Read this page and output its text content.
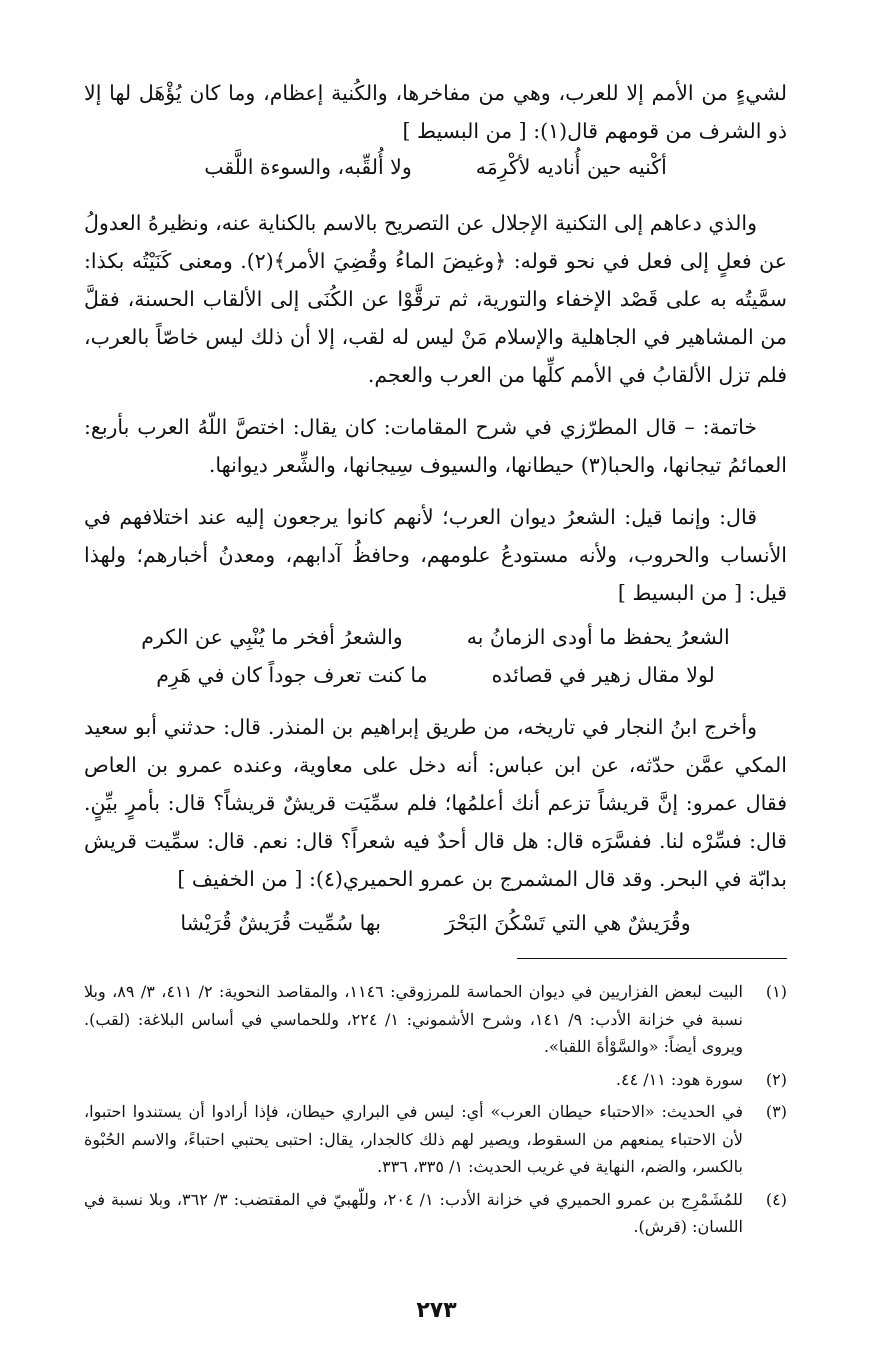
لشيءٍ من الأمم إلا للعرب، وهي من مفاخرها، والكُنية إعظام، وما كان يُؤْهَل لها إلا ذو الشرف من قومهم قال(١): [ من البسيط ]

أكْنيه حين أُناديه لأكْرِمَه
ولا أُلقِّبه، والسوءة اللَّقب

والذي دعاهم إلى التكنية الإجلال عن التصريح بالاسم بالكناية عنه، ونظيرهُ العدولُ عن فعلٍ إلى فعل في نحو قوله: ﴿وغيضَ الماءُ وقُضِيَ الأمر﴾(٢). ومعنى كَنَيْتُه بكذا: سمَّيتُه به على قَصْد الإخفاء والتورية، ثم ترقَّوْا عن الكُنَى إلى الألقاب الحسنة، فقلَّ من المشاهير في الجاهلية والإسلام مَنْ ليس له لقب، إلا أن ذلك ليس خاصّاً بالعرب، فلم تزل الألقابُ في الأمم كلِّها من العرب والعجم.

خاتمة: – قال المطرّزي في شرح المقامات: كان يقال: اختصَّ اللّهُ العرب بأربع: العمائمُ تيجانها، والحبا(٣) حيطانها، والسيوف سِيجانها، والشِّعر ديوانها.

قال: وإنما قيل: الشعرُ ديوان العرب؛ لأنهم كانوا يرجعون إليه عند اختلافهم في الأنساب والحروب، ولأنه مستودعُ علومهم، وحافظُ آدابهم، ومعدنُ أخبارهم؛ ولهذا قيل: [ من البسيط ]

الشعرُ يحفظ ما أودى الزمانُ به
والشعرُ أفخر ما يُنْبِي عن الكرم
لولا مقال زهير في قصائده
ما كنت تعرف جوداً كان في هَرِم

وأخرج ابنُ النجار في تاريخه، من طريق إبراهيم بن المنذر. قال: حدثني أبو سعيد المكي عمَّن حدّثه، عن ابن عباس: أنه دخل على معاوية، وعنده عمرو بن العاص فقال عمرو: إنَّ قريشاً تزعم أنك أعلمُها؛ فلم سمِّيَت قريشٌ قريشاً؟ قال: بأمرٍ بيِّنٍ. قال: فسِّرْه لنا. ففسَّرَه قال: هل قال أحدٌ فيه شعراً؟ قال: نعم. قال: سمِّيت قريش بدابّة في البحر. وقد قال المشمرج بن عمرو الحميري(٤): [ من الخفيف ]

وقُرَيشٌ هي التي تَسْكُنَ البَحْرَ
بها سُمِّيت قُرَيشٌ قُرَيْشا
(١)
البيت لبعض الفزاريين في ديوان الحماسة للمرزوقي: ١١٤٦، والمقاصد النحوية: ٢/ ٤١١، ٣/ ٨٩، وبلا نسبة في خزانة الأدب: ٩/ ١٤١، وشرح الأشموني: ١/ ٢٢٤، وللحماسي في أساس البلاغة: (لقب). ويروى أيضاً: «والسَّوْأةَ اللقبا».
(٢)
سورة هود: ١١/ ٤٤.
(٣)
في الحديث: «الاحتباء حيطان العرب» أي: ليس في البراري حيطان، فإذا أرادوا أن يستندوا احتبوا، لأن الاحتباء يمنعهم من السقوط، ويصير لهم ذلك كالجدار، يقال: احتبى يحتبي احتباءً، والاسم الحُبْوة بالكسر، والضم، النهاية في غريب الحديث: ١/ ٣٣٥، ٣٣٦.
(٤)
للمُشَمْرِج بن عمرو الحميري في خزانة الأدب: ١/ ٢٠٤، وللّهبيّ في المقتضب: ٣/ ٣٦٢، وبلا نسبة في اللسان: (قرش).
٢٧٣
